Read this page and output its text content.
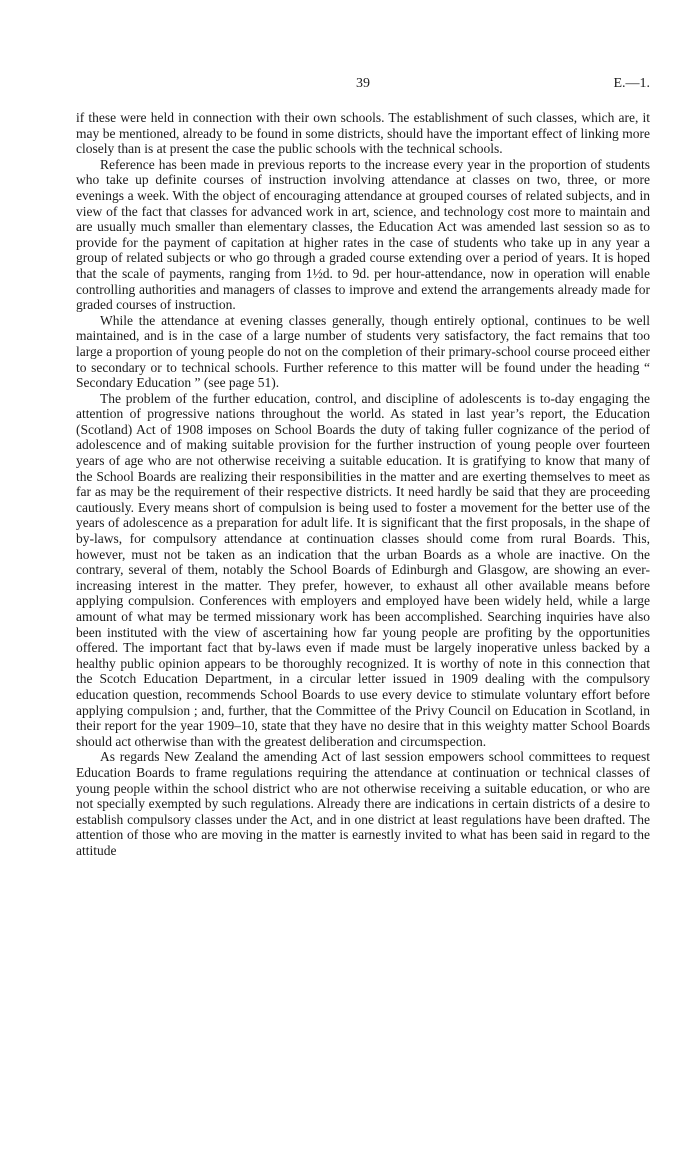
39	E.—1.

if these were held in connection with their own schools. The establishment of such classes, which are, it may be mentioned, already to be found in some districts, should have the important effect of linking more closely than is at present the case the public schools with the technical schools.

Reference has been made in previous reports to the increase every year in the proportion of students who take up definite courses of instruction involving attendance at classes on two, three, or more evenings a week. With the object of encouraging attendance at grouped courses of related subjects, and in view of the fact that classes for advanced work in art, science, and technology cost more to maintain and are usually much smaller than elementary classes, the Education Act was amended last session so as to provide for the payment of capitation at higher rates in the case of students who take up in any year a group of related subjects or who go through a graded course extending over a period of years. It is hoped that the scale of payments, ranging from 1½d. to 9d. per hour-attendance, now in operation will enable controlling authorities and managers of classes to improve and extend the arrangements already made for graded courses of instruction.

While the attendance at evening classes generally, though entirely optional, continues to be well maintained, and is in the case of a large number of students very satisfactory, the fact remains that too large a proportion of young people do not on the completion of their primary-school course proceed either to secondary or to technical schools. Further reference to this matter will be found under the heading “ Secondary Education ” (see page 51).

The problem of the further education, control, and discipline of adolescents is to-day engaging the attention of progressive nations throughout the world. As stated in last year’s report, the Education (Scotland) Act of 1908 imposes on School Boards the duty of taking fuller cognizance of the period of adolescence and of making suitable provision for the further instruction of young people over fourteen years of age who are not otherwise receiving a suitable education. It is gratifying to know that many of the School Boards are realizing their responsibilities in the matter and are exerting themselves to meet as far as may be the requirement of their respective districts. It need hardly be said that they are proceeding cautiously. Every means short of compulsion is being used to foster a movement for the better use of the years of adolescence as a preparation for adult life. It is significant that the first proposals, in the shape of by-laws, for compulsory attendance at continuation classes should come from rural Boards. This, however, must not be taken as an indication that the urban Boards as a whole are inactive. On the contrary, several of them, notably the School Boards of Edinburgh and Glasgow, are showing an ever-increasing interest in the matter. They prefer, however, to exhaust all other available means before applying compulsion. Conferences with employers and employed have been widely held, while a large amount of what may be termed missionary work has been accomplished. Searching inquiries have also been instituted with the view of ascertaining how far young people are profiting by the opportunities offered. The important fact that by-laws even if made must be largely inoperative unless backed by a healthy public opinion appears to be thoroughly recognized. It is worthy of note in this connection that the Scotch Education Department, in a circular letter issued in 1909 dealing with the compulsory education question, recommends School Boards to use every device to stimulate voluntary effort before applying compulsion ; and, further, that the Committee of the Privy Council on Education in Scotland, in their report for the year 1909–10, state that they have no desire that in this weighty matter School Boards should act otherwise than with the greatest deliberation and circumspection.

As regards New Zealand the amending Act of last session empowers school committees to request Education Boards to frame regulations requiring the attendance at continuation or technical classes of young people within the school district who are not otherwise receiving a suitable education, or who are not specially exempted by such regulations. Already there are indications in certain districts of a desire to establish compulsory classes under the Act, and in one district at least regulations have been drafted. The attention of those who are moving in the matter is earnestly invited to what has been said in regard to the attitude
